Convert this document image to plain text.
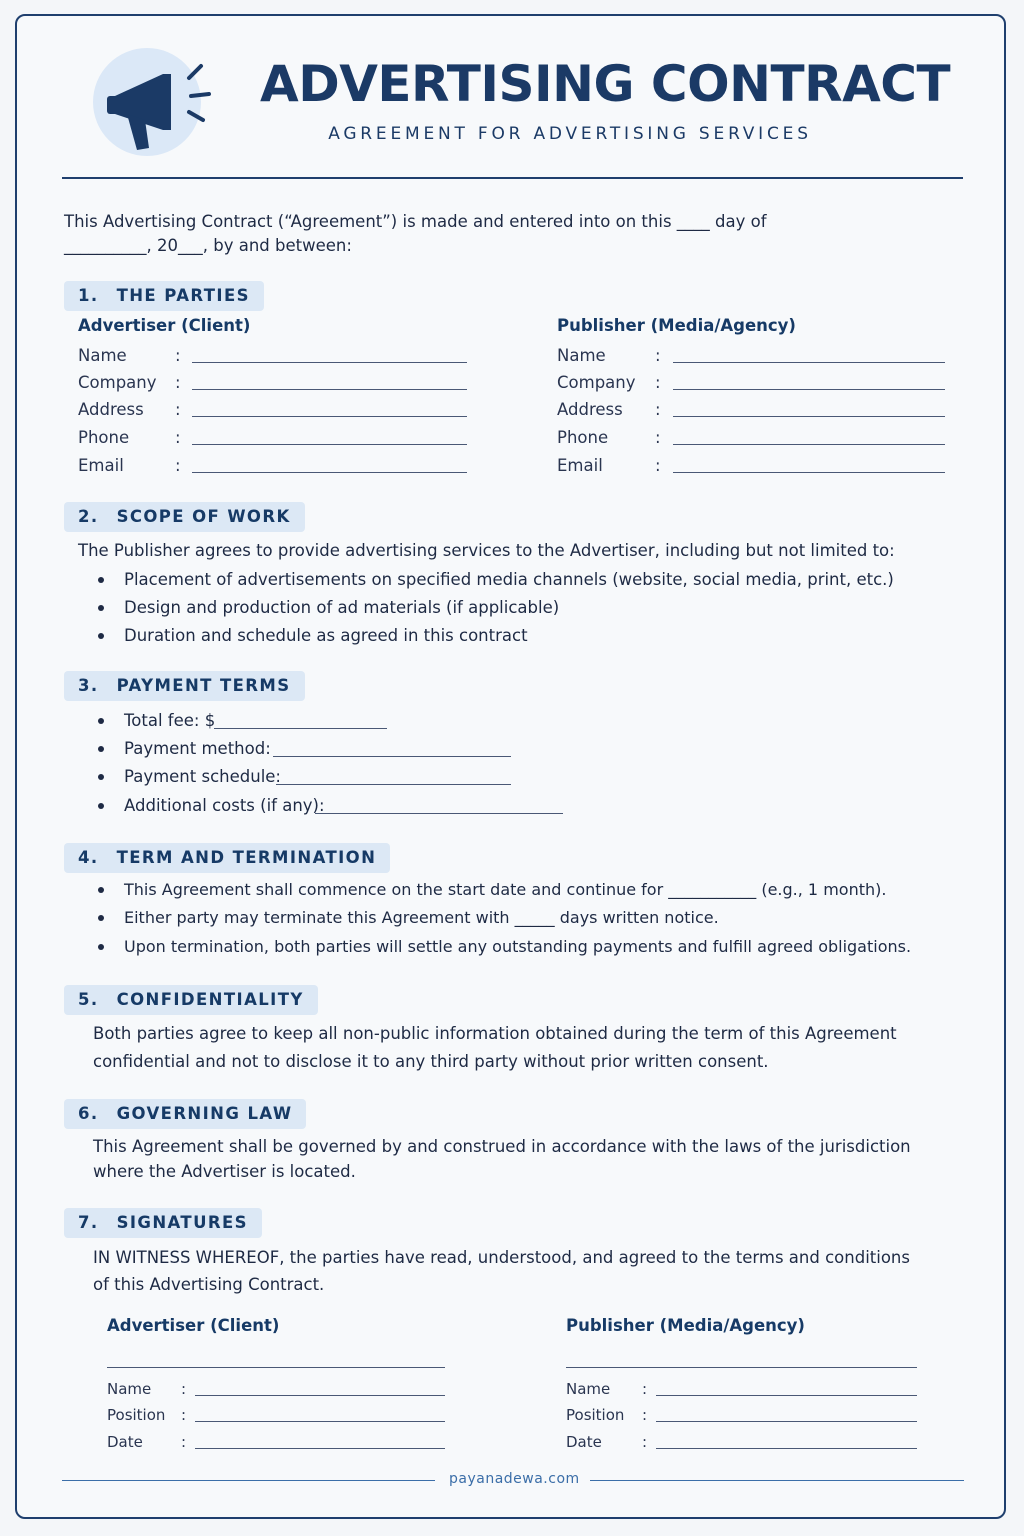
ADVERTISING CONTRACT
AGREEMENT FOR ADVERTISING SERVICES
This Advertising Contract (“Agreement”) is made and entered into on this ____ day of
__________, 20___, by and between:
1. THE PARTIES
Advertiser (Client)	Publisher (Media/Agency)
Name
Company
Address
Phone
Email
:
:
:
:
:
Name
Company
Address
Phone
Email
:
:
:
:
:
2. SCOPE OF WORK
The Publisher agrees to provide advertising services to the Advertiser, including but not limited to:
Placement of advertisements on specified media channels (website, social media, print, etc.)
Design and production of ad materials (if applicable)
Duration and schedule as agreed in this contract
3. PAYMENT TERMS
Total fee: $
Payment method:
Payment schedule:
Additional costs (if any):
4. TERM AND TERMINATION
This Agreement shall commence on the start date and continue for ___________ (e.g., 1 month).
Either party may terminate this Agreement with _____ days written notice.
Upon termination, both parties will settle any outstanding payments and fulfill agreed obligations.
5. CONFIDENTIALITY
Both parties agree to keep all non-public information obtained during the term of this Agreement
confidential and not to disclose it to any third party without prior written consent.
6. GOVERNING LAW
This Agreement shall be governed by and construed in accordance with the laws of the jurisdiction
where the Advertiser is located.
7. SIGNATURES
IN WITNESS WHEREOF, the parties have read, understood, and agreed to the terms and conditions
of this Advertising Contract.
Advertiser (Client)	Publisher (Media/Agency)
Name
Position
Date
:
:
:
Name
Position
Date
:
:
:
payanadewa.com
